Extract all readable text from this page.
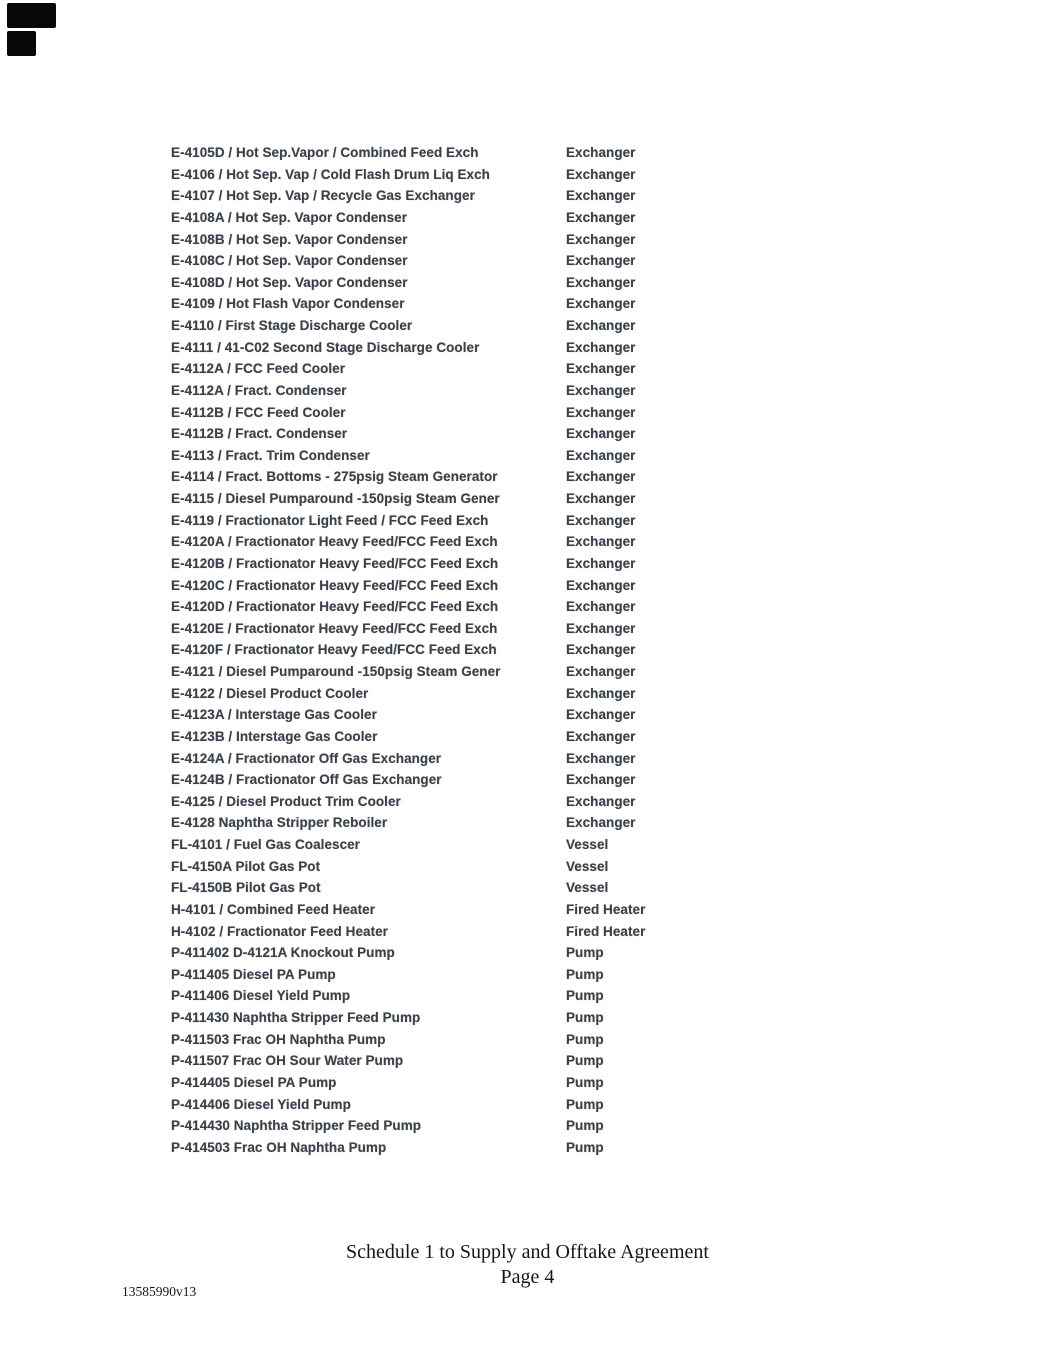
E-4105D / Hot Sep.Vapor / Combined Feed Exch	Exchanger
E-4106 / Hot Sep. Vap / Cold Flash Drum Liq Exch	Exchanger
E-4107 / Hot Sep. Vap / Recycle Gas Exchanger	Exchanger
E-4108A / Hot Sep. Vapor Condenser	Exchanger
E-4108B / Hot Sep. Vapor Condenser	Exchanger
E-4108C / Hot Sep. Vapor Condenser	Exchanger
E-4108D / Hot Sep. Vapor Condenser	Exchanger
E-4109 / Hot Flash Vapor Condenser	Exchanger
E-4110 / First Stage Discharge Cooler	Exchanger
E-4111 / 41-C02 Second Stage Discharge Cooler	Exchanger
E-4112A / FCC Feed Cooler	Exchanger
E-4112A / Fract. Condenser	Exchanger
E-4112B / FCC Feed Cooler	Exchanger
E-4112B / Fract. Condenser	Exchanger
E-4113 / Fract. Trim Condenser	Exchanger
E-4114 / Fract. Bottoms - 275psig Steam Generator	Exchanger
E-4115 / Diesel Pumparound -150psig Steam Gener	Exchanger
E-4119 / Fractionator Light Feed / FCC Feed Exch	Exchanger
E-4120A / Fractionator Heavy Feed/FCC Feed Exch	Exchanger
E-4120B / Fractionator Heavy Feed/FCC Feed Exch	Exchanger
E-4120C / Fractionator Heavy Feed/FCC Feed Exch	Exchanger
E-4120D / Fractionator Heavy Feed/FCC Feed Exch	Exchanger
E-4120E / Fractionator Heavy Feed/FCC Feed Exch	Exchanger
E-4120F / Fractionator Heavy Feed/FCC Feed Exch	Exchanger
E-4121 / Diesel Pumparound -150psig Steam Gener	Exchanger
E-4122 / Diesel Product Cooler	Exchanger
E-4123A / Interstage Gas Cooler	Exchanger
E-4123B / Interstage Gas Cooler	Exchanger
E-4124A / Fractionator Off Gas Exchanger	Exchanger
E-4124B / Fractionator Off Gas Exchanger	Exchanger
E-4125 / Diesel Product Trim Cooler	Exchanger
E-4128 Naphtha Stripper Reboiler	Exchanger
FL-4101 / Fuel Gas Coalescer	Vessel
FL-4150A Pilot Gas Pot	Vessel
FL-4150B Pilot Gas Pot	Vessel
H-4101 / Combined Feed Heater	Fired Heater
H-4102 / Fractionator Feed Heater	Fired Heater
P-411402 D-4121A Knockout Pump	Pump
P-411405 Diesel PA Pump	Pump
P-411406 Diesel Yield Pump	Pump
P-411430 Naphtha Stripper Feed Pump	Pump
P-411503 Frac OH Naphtha Pump	Pump
P-411507 Frac OH Sour Water Pump	Pump
P-414405 Diesel PA Pump	Pump
P-414406 Diesel Yield Pump	Pump
P-414430 Naphtha Stripper Feed Pump	Pump
P-414503 Frac OH Naphtha Pump	Pump
Schedule 1 to Supply and Offtake Agreement
Page 4
13585990v13
